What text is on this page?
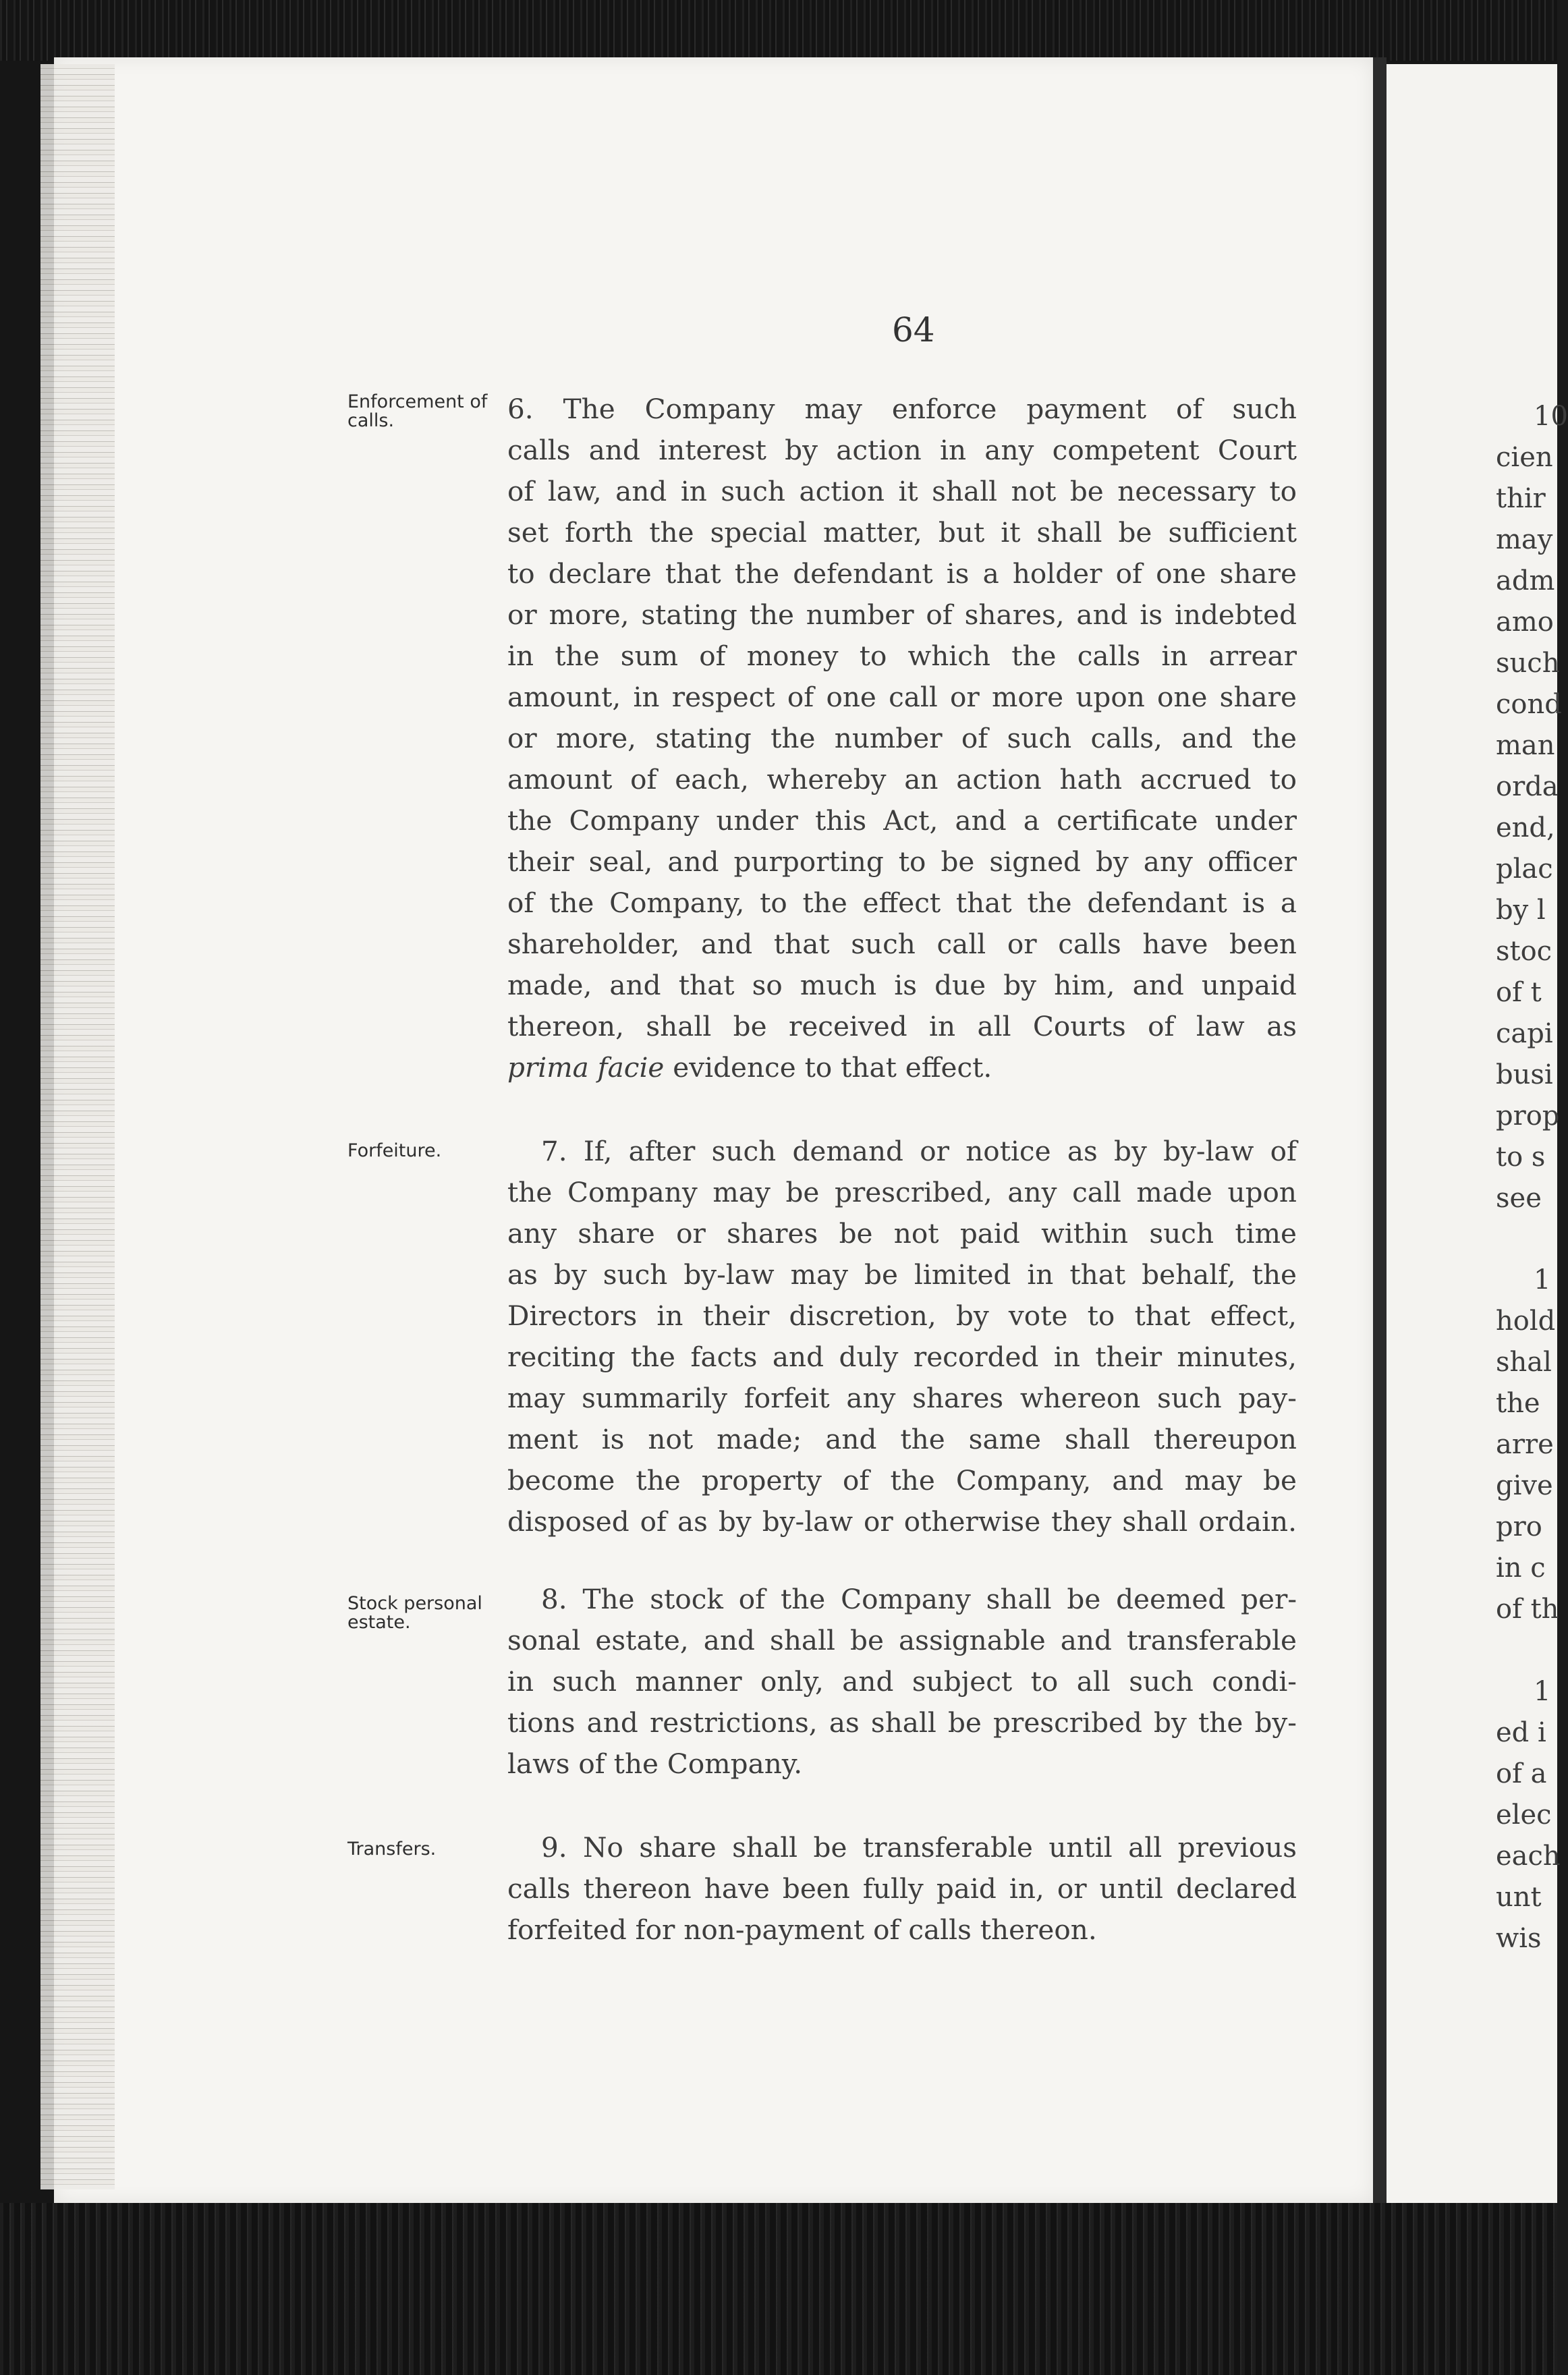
64
Enforcement of
calls.	6. The Company may enforce payment of such
calls and interest by action in any competent Court
of law, and in such action it shall not be necessary to
set forth the special matter, but it shall be sufficient
to declare that the defendant is a holder of one share
or more, stating the number of shares, and is indebted
in the sum of money to which the calls in arrear
amount, in respect of one call or more upon one share
or more, stating the number of such calls, and the
amount of each, whereby an action hath accrued to
the Company under this Act, and a certificate under
their seal, and purporting to be signed by any officer
of the Company, to the effect that the defendant is a
shareholder, and that such call or calls have been
made, and that so much is due by him, and unpaid
thereon, shall be received in all Courts of law as
prima facie evidence to that effect.
Forfeiture.	7. If, after such demand or notice as by by-law of
the Company may be prescribed, any call made upon
any share or shares be not paid within such time
as by such by-law may be limited in that behalf, the
Directors in their discretion, by vote to that effect,
reciting the facts and duly recorded in their minutes,
may summarily forfeit any shares whereon such pay-
ment is not made; and the same shall thereupon
become the property of the Company, and may be
disposed of as by by-law or otherwise they shall ordain.
Stock personal
estate.
8. The stock of the Company shall be deemed per-
sonal estate, and shall be assignable and transferable
in such manner only, and subject to all such condi-
tions and restrictions, as shall be prescribed by the by-
laws of the Company.
Transfers.	9. No share shall be transferable until all previous
calls thereon have been fully paid in, or until declared
forfeited for non-payment of calls thereon.
10
cien
thir
may
adm
amo
such
cond
man
orda
end,
plac
by l
stoc
of t
capi
busi
prop
to s
see
1
hold
shal
the
arre
give
pro
in c
of th
1
ed i
of a
elec
each
unt
wis
